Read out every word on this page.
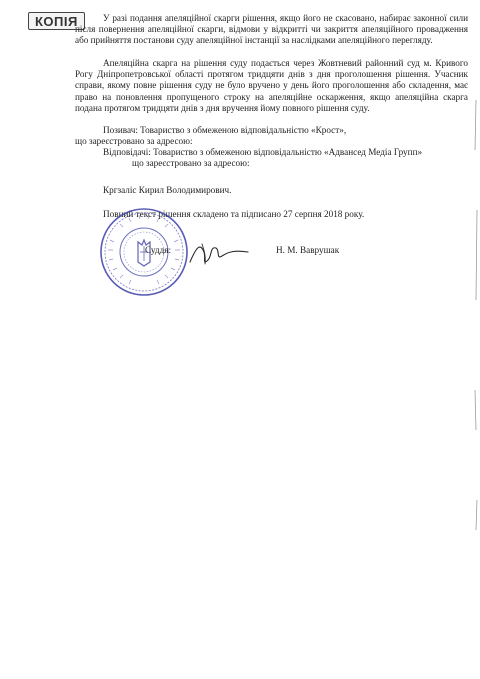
КОПІЯ	У разі подання апеляційної скарги рішення, якщо його не скасовано, набирає законної сили після повернення апеляційної скарги, відмови у відкритті чи закриття апеляційного провадження або прийняття постанови суду апеляційної інстанції за наслідками апеляційного перегляду.
Апеляційна скарга на рішення суду подається через Жовтневий районний суд м. Кривого Рогу Дніпропетровської області протягом тридцяти днів з дня проголошення рішення. Учасник справи, якому повне рішення суду не було вручено у день його проголошення або складення, має право на поновлення пропущеного строку на апеляційне оскарження, якщо апеляційна скарга подана протягом тридцяти днів з дня вручення йому повного рішення суду.
Позивач: Товариство з обмеженою відповідальністю «Крост»,
що зареєстровано за адресою:
Відповідачі: Товариство з обмеженою відповідальністю «Адвансед Медіа Групп»
що зареєстровано за адресою:
Кргзаліс Кирил Володимирович.
Повний текст рішення складено та підписано 27 серпня 2018 року.
Суддя:	Н. М. Ваврушак
